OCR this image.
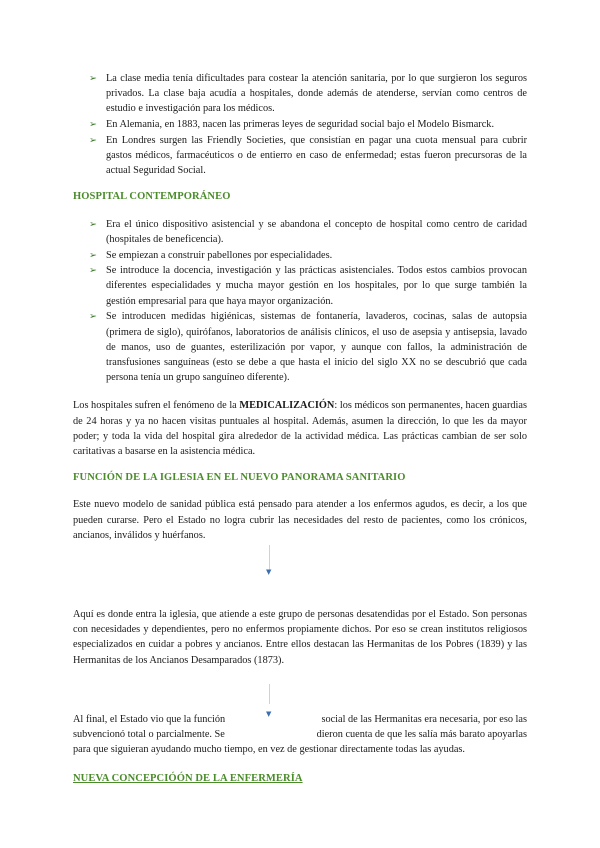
➢ La clase media tenía dificultades para costear la atención sanitaria, por lo que surgieron los seguros privados. La clase baja acudía a hospitales, donde además de atenderse, servían como centros de estudio e investigación para los médicos.
➢ En Alemania, en 1883, nacen las primeras leyes de seguridad social bajo el Modelo Bismarck.
➢ En Londres surgen las Friendly Societies, que consistían en pagar una cuota mensual para cubrir gastos médicos, farmacéuticos o de entierro en caso de enfermedad; estas fueron precursoras de la actual Seguridad Social.
HOSPITAL CONTEMPORÁNEO
➢ Era el único dispositivo asistencial y se abandona el concepto de hospital como centro de caridad (hospitales de beneficencia).
➢ Se empiezan a construir pabellones por especialidades.
➢ Se introduce la docencia, investigación y las prácticas asistenciales. Todos estos cambios provocan diferentes especialidades y mucha mayor gestión en los hospitales, por lo que surge también la gestión empresarial para que haya mayor organización.
➢ Se introducen medidas higiénicas, sistemas de fontanería, lavaderos, cocinas, salas de autopsia (primera de siglo), quirófanos, laboratorios de análisis clínicos, el uso de asepsia y antisepsia, lavado de manos, uso de guantes, esterilización por vapor, y aunque con fallos, la administración de transfusiones sanguíneas (esto se debe a que hasta el inicio del siglo XX no se descubrió que cada persona tenía un grupo sanguíneo diferente).

Los hospitales sufren el fenómeno de la MEDICALIZACIÓN: los médicos son permanentes, hacen guardias de 24 horas y ya no hacen visitas puntuales al hospital. Además, asumen la dirección, lo que les da mayor poder; y toda la vida del hospital gira alrededor de la actividad médica. Las prácticas cambian de ser solo caritativas a basarse en la asistencia médica.

FUNCIÓN DE LA IGLESIA EN EL NUEVO PANORAMA SANITARIO

Este nuevo modelo de sanidad pública está pensado para atender a los enfermos agudos, es decir, a los que pueden curarse. Pero el Estado no logra cubrir las necesidades del resto de pacientes, como los crónicos, ancianos, inválidos y huérfanos.

Aquí es donde entra la iglesia, que atiende a este grupo de personas desatendidas por el Estado. Son personas con necesidades y dependientes, pero no enfermos propiamente dichos. Por eso se crean institutos religiosos especializados en cuidar a pobres y ancianos. Entre ellos destacan las Hermanitas de los Pobres (1839) y las Hermanitas de los Ancianos Desamparados (1873).

Al final, el Estado vio que la función	social de las Hermanitas era necesaria, por eso las
subvencionó total o parcialmente. Se	dieron cuenta de que les salía más barato apoyarlas
para que siguieran ayudando mucho tiempo, en vez de gestionar directamente todas las ayudas.
NUEVA CONCEPCIÓÓN DE LA ENFERMERÍA
▼
▼
